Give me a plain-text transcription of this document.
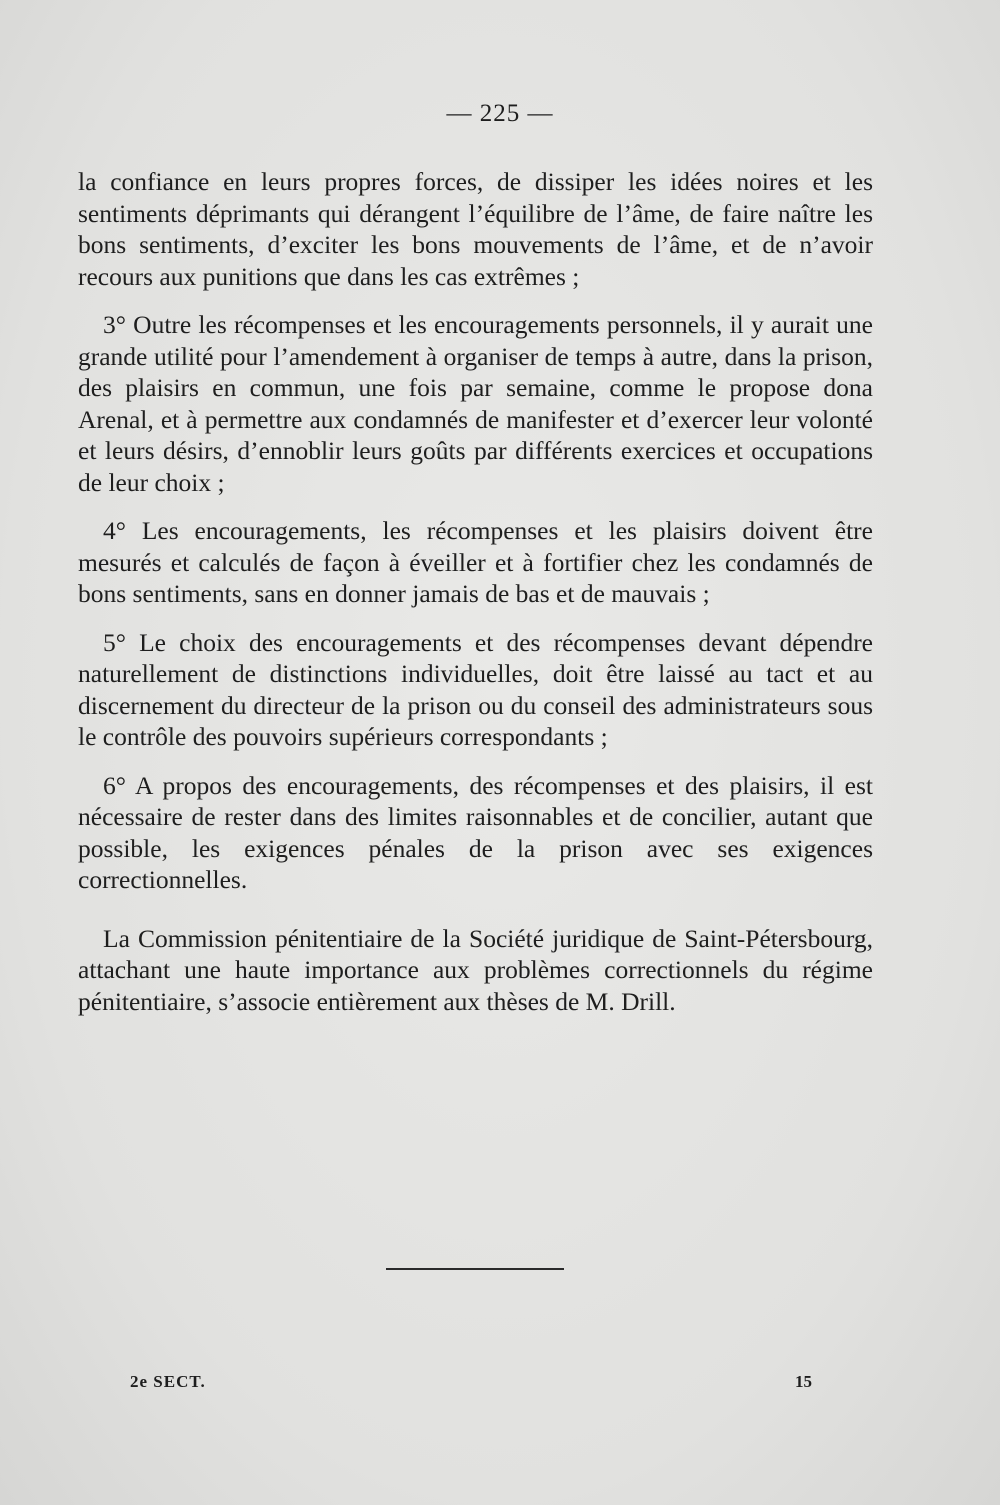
— 225 —

la confiance en leurs propres forces, de dissiper les idées noires et les sentiments déprimants qui dérangent l’équilibre de l’âme, de faire naître les bons sentiments, d’exciter les bons mouvements de l’âme, et de n’avoir recours aux punitions que dans les cas extrêmes ;

3° Outre les récompenses et les encouragements personnels, il y aurait une grande utilité pour l’amendement à organiser de temps à autre, dans la prison, des plaisirs en commun, une fois par semaine, comme le propose dona Arenal, et à permettre aux condamnés de manifester et d’exercer leur volonté et leurs désirs, d’ennoblir leurs goûts par différents exercices et occupations de leur choix ;

4° Les encouragements, les récompenses et les plaisirs doivent être mesurés et calculés de façon à éveiller et à fortifier chez les condamnés de bons sentiments, sans en donner jamais de bas et de mauvais ;

5° Le choix des encouragements et des récompenses devant dépendre naturellement de distinctions individuelles, doit être laissé au tact et au discernement du directeur de la prison ou du conseil des administrateurs sous le contrôle des pouvoirs supérieurs correspondants ;

6° A propos des encouragements, des récompenses et des plaisirs, il est nécessaire de rester dans des limites raisonnables et de concilier, autant que possible, les exigences pénales de la prison avec ses exigences correctionnelles.

La Commission pénitentiaire de la Société juridique de Saint-Pétersbourg, attachant une haute importance aux problèmes correctionnels du régime pénitentiaire, s’associe entièrement aux thèses de M. Drill.

2e SECT.	15
